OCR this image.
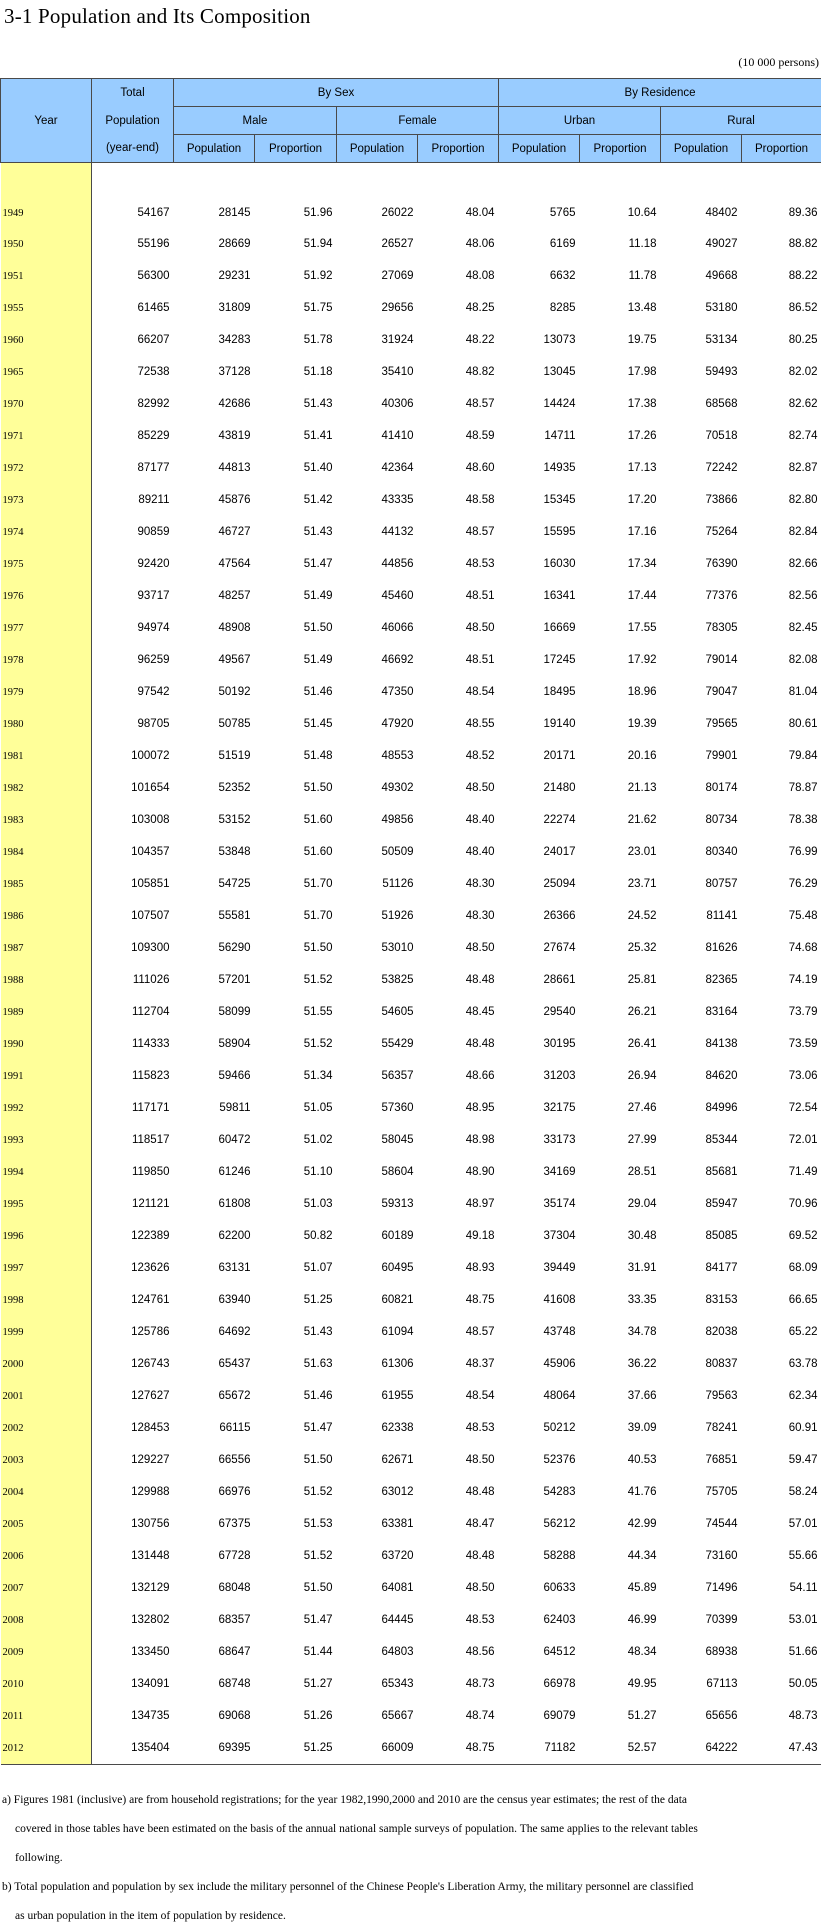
3-1 Population and Its Composition
(10 000 persons)
Year	Total	By Sex				By Residence			
	Population	Male		Female		Urban		Rural	
	(year-end)	Population	Proportion	Population	Proportion	Population	Proportion	Population	Proportion
1949	54167	28145	51.96	26022	48.04	5765	10.64	48402	89.36
1950	55196	28669	51.94	26527	48.06	6169	11.18	49027	88.82
1951	56300	29231	51.92	27069	48.08	6632	11.78	49668	88.22
1955	61465	31809	51.75	29656	48.25	8285	13.48	53180	86.52
1960	66207	34283	51.78	31924	48.22	13073	19.75	53134	80.25
1965	72538	37128	51.18	35410	48.82	13045	17.98	59493	82.02
1970	82992	42686	51.43	40306	48.57	14424	17.38	68568	82.62
1971	85229	43819	51.41	41410	48.59	14711	17.26	70518	82.74
1972	87177	44813	51.40	42364	48.60	14935	17.13	72242	82.87
1973	89211	45876	51.42	43335	48.58	15345	17.20	73866	82.80
1974	90859	46727	51.43	44132	48.57	15595	17.16	75264	82.84
1975	92420	47564	51.47	44856	48.53	16030	17.34	76390	82.66
1976	93717	48257	51.49	45460	48.51	16341	17.44	77376	82.56
1977	94974	48908	51.50	46066	48.50	16669	17.55	78305	82.45
1978	96259	49567	51.49	46692	48.51	17245	17.92	79014	82.08
1979	97542	50192	51.46	47350	48.54	18495	18.96	79047	81.04
1980	98705	50785	51.45	47920	48.55	19140	19.39	79565	80.61
1981	100072	51519	51.48	48553	48.52	20171	20.16	79901	79.84
1982	101654	52352	51.50	49302	48.50	21480	21.13	80174	78.87
1983	103008	53152	51.60	49856	48.40	22274	21.62	80734	78.38
1984	104357	53848	51.60	50509	48.40	24017	23.01	80340	76.99
1985	105851	54725	51.70	51126	48.30	25094	23.71	80757	76.29
1986	107507	55581	51.70	51926	48.30	26366	24.52	81141	75.48
1987	109300	56290	51.50	53010	48.50	27674	25.32	81626	74.68
1988	111026	57201	51.52	53825	48.48	28661	25.81	82365	74.19
1989	112704	58099	51.55	54605	48.45	29540	26.21	83164	73.79
1990	114333	58904	51.52	55429	48.48	30195	26.41	84138	73.59
1991	115823	59466	51.34	56357	48.66	31203	26.94	84620	73.06
1992	117171	59811	51.05	57360	48.95	32175	27.46	84996	72.54
1993	118517	60472	51.02	58045	48.98	33173	27.99	85344	72.01
1994	119850	61246	51.10	58604	48.90	34169	28.51	85681	71.49
1995	121121	61808	51.03	59313	48.97	35174	29.04	85947	70.96
1996	122389	62200	50.82	60189	49.18	37304	30.48	85085	69.52
1997	123626	63131	51.07	60495	48.93	39449	31.91	84177	68.09
1998	124761	63940	51.25	60821	48.75	41608	33.35	83153	66.65
1999	125786	64692	51.43	61094	48.57	43748	34.78	82038	65.22
2000	126743	65437	51.63	61306	48.37	45906	36.22	80837	63.78
2001	127627	65672	51.46	61955	48.54	48064	37.66	79563	62.34
2002	128453	66115	51.47	62338	48.53	50212	39.09	78241	60.91
2003	129227	66556	51.50	62671	48.50	52376	40.53	76851	59.47
2004	129988	66976	51.52	63012	48.48	54283	41.76	75705	58.24
2005	130756	67375	51.53	63381	48.47	56212	42.99	74544	57.01
2006	131448	67728	51.52	63720	48.48	58288	44.34	73160	55.66
2007	132129	68048	51.50	64081	48.50	60633	45.89	71496	54.11
2008	132802	68357	51.47	64445	48.53	62403	46.99	70399	53.01
2009	133450	68647	51.44	64803	48.56	64512	48.34	68938	51.66
2010	134091	68748	51.27	65343	48.73	66978	49.95	67113	50.05
2011	134735	69068	51.26	65667	48.74	69079	51.27	65656	48.73
2012	135404	69395	51.25	66009	48.75	71182	52.57	64222	47.43

a) Figures 1981 (inclusive) are from household registrations; for the year 1982,1990,2000 and 2010 are the census year estimates; the rest of the data

covered in those tables have been estimated on the basis of the annual national sample surveys of population. The same applies to the relevant tables

following.

b) Total population and population by sex include the military personnel of the Chinese People's Liberation Army, the military personnel are classified

as urban population in the item of population by residence.
